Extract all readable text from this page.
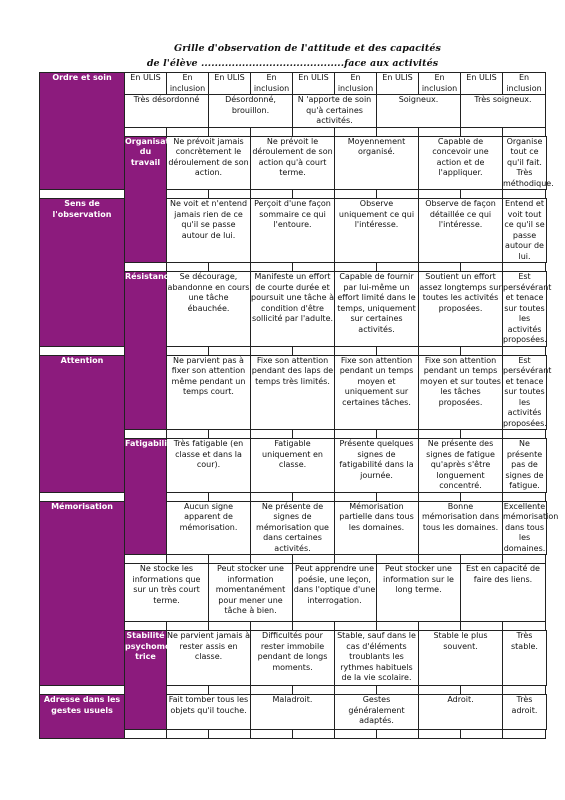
Grille d'observation de l'attitude et des capacités
de l'élève ..........................................face aux activités
Ordre et soin	En ULIS	En inclusion	En ULIS	En inclusion	En ULIS	En inclusion	En ULIS	En inclusion	En ULIS	En inclusion
	Très désordonné		Désordonné, brouillon.		N 'apporte de soin qu'à certaines activités.		Soigneux.		Très soigneux.	

	Organisation du travail	Ne prévoit jamais concrètement le déroulement de son action.		Ne prévoit le déroulement de son action qu'à court terme.		Moyennement organisé.		Capable de concevoir une action et de l'appliquer.		Organise tout ce qu'il fait. Très méthodique.

Sens de l'observation		Ne voit et n'entend jamais rien de ce qu'il se passe autour de lui.		Perçoit d'une façon sommaire ce qui l'entoure.		Observe uniquement ce qui l'intéresse.		Observe de façon détaillée ce qui l'intéresse.		Entend et voit tout ce qu'il se passe autour de lui.

	Résistance	Se décourage, abandonne en cours une tâche ébauchée.		Manifeste un effort de courte durée et poursuit une tâche à condition d'être sollicité par l'adulte.		Capable de fournir par lui-même un effort limité dans le temps, uniquement sur certaines activités.		Soutient un effort assez longtemps sur toutes les activités proposées.		Est persévérant et tenace sur toutes les activités proposées.

Attention		Ne parvient pas à fixer son attention même pendant un temps court.		Fixe son attention pendant des laps de temps très limités.		Fixe son attention pendant un temps moyen et uniquement sur certaines tâches.		Fixe son attention pendant un temps moyen et sur toutes les tâches proposées.		Est persévérant et tenace sur toutes les activités proposées.

	Fatigabilité	Très fatigable (en classe et dans la cour).		Fatigable uniquement en classe.		Présente quelques signes de fatigabilité dans la journée.		Ne présente des signes de fatigue qu'après s'être longuement concentré.		Ne présente pas de signes de fatigue.

Mémorisation		Aucun signe apparent de mémorisation.		Ne présente de signes de mémorisation que dans certaines activités.		Mémorisation partielle dans tous les domaines.		Bonne mémorisation dans tous les domaines.		Excellente mémorisation dans tous les domaines.

	Ne stocke les informations que sur un très court terme.		Peut stocker une information momentanément pour mener une tâche à bien.		Peut apprendre une poésie, une leçon, dans l'optique d'une interrogation.		Peut stocker une information sur le long terme.		Est en capacité de faire des liens.	

	Stabilité psychomo-trice	Ne parvient jamais à rester assis en classe.		Difficultés pour rester immobile pendant de longs moments.		Stable, sauf dans le cas d'éléments troublants les rythmes habituels de la vie scolaire.		Stable le plus souvent.		Très stable.

Adresse dans les gestes usuels		Fait tomber tous les objets qu'il touche.		Maladroit.		Gestes généralement adaptés.		Adroit.		Très adroit.
